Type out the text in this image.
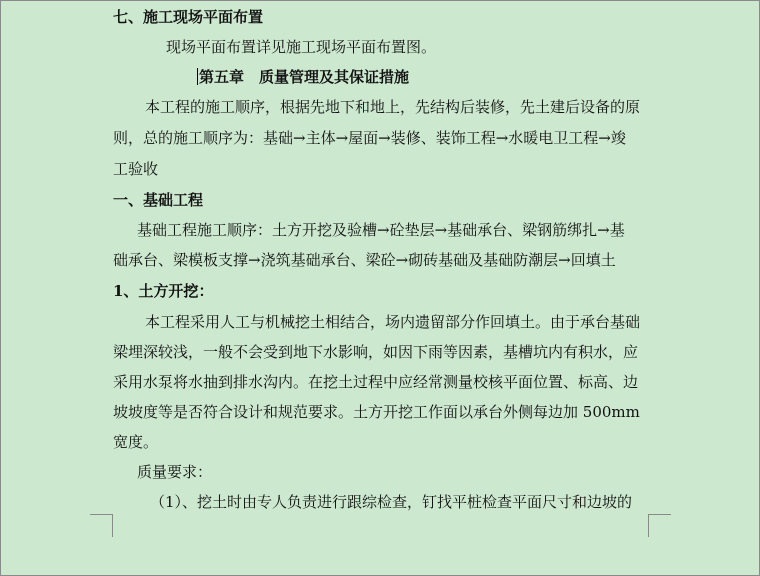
七、施工现场平面布置
现场平面布置详见施工现场平面布置图。
第五章　质量管理及其保证措施
本工程的施工顺序，根据先地下和地上，先结构后装修，先土建后设备的原
则，总的施工顺序为：基础→主体→屋面→装修、装饰工程→水暖电卫工程→竣
工验收
一、基础工程
基础工程施工顺序：土方开挖及验槽→砼垫层→基础承台、梁钢筋绑扎→基
础承台、梁模板支撑→浇筑基础承台、梁砼→砌砖基础及基础防潮层→回填土
1、土方开挖：
本工程采用人工与机械挖土相结合，场内遗留部分作回填土。由于承台基础
梁埋深较浅，一般不会受到地下水影响，如因下雨等因素，基槽坑内有积水，应
采用水泵将水抽到排水沟内。在挖土过程中应经常测量校核平面位置、标高、边
坡坡度等是否符合设计和规范要求。土方开挖工作面以承台外侧每边加 500mm
宽度。
质量要求：
（1）、挖土时由专人负责进行跟综检查，钉找平桩检查平面尺寸和边坡的
